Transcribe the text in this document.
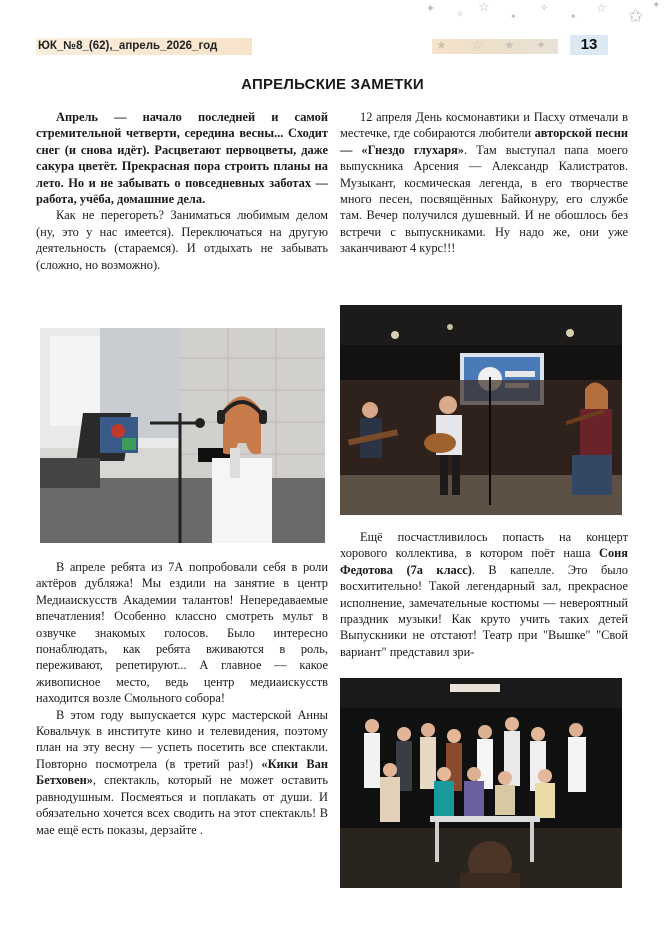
✦ ✧ ☆
✦
✧
✦
☆ ✩
✦
ЮК_№8_(62),_апрель_2026_год	★ ☆ ★ ✦	13
АПРЕЛЬСКИЕ ЗАМЕТКИ

Апрель — начало последней и самой стремительной четверти, середина весны... Сходит снег (и снова идёт). Расцветают первоцветы, даже сакура цветёт. Прекрасная пора строить планы на лето. Но и не забывать о повседневных заботах — работа, учёба, домашние дела.

Как не перегореть? Заниматься любимым делом (ну, это у нас имеется). Переключаться на другую деятельность (стараемся). И отдыхать не забывать (сложно, но возможно).

12 апреля День космонавтики и Пасху отмечали в местечке, где собираются любители авторской песни — «Гнездо глухаря». Там выступал папа моего выпускника Арсения — Александр Калистратов. Музыкант, космическая легенда, в его творчестве много песен, посвящённых Байконуру, его службе там. Вечер получился душевный. И не обошлось без встречи с выпускниками. Ну надо же, они уже заканчивают 4 курс!!!

Ещё посчастливилось попасть на концерт хорового коллектива, в котором поёт наша Соня Федотова (7а класс). В капелле. Это было восхитительно! Такой легендарный зал, прекрасное исполнение, замечательные костюмы — невероятный праздник музыки! Как круто учить таких детей Выпускники не отстают! Театр при "Вышке" "Свой вариант" представил зри-

В апреле ребята из 7А попробовали себя в роли актёров дубляжа! Мы ездили на занятие в центр Медиаискусств Академии талантов! Непередаваемые впечатления! Особенно классно смотреть мульт в озвучке знакомых голосов. Было интересно понаблюдать, как ребята вживаются в роль, переживают, репетируют... А главное — какое живописное место, ведь центр медиаискусств находится возле Смольного собора!

В этом году выпускается курс мастерской Анны Ковальчук в институте кино и телевидения, поэтому план на эту весну — успеть посетить все спектакли. Повторно посмотрела (в третий раз!) «Кики Ван Бетховен», спектакль, который не может оставить равнодушным. Посмеяться и поплакать от души. И обязательно хочется всех сводить на этот спектакль! В мае ещё есть показы, дерзайте .
